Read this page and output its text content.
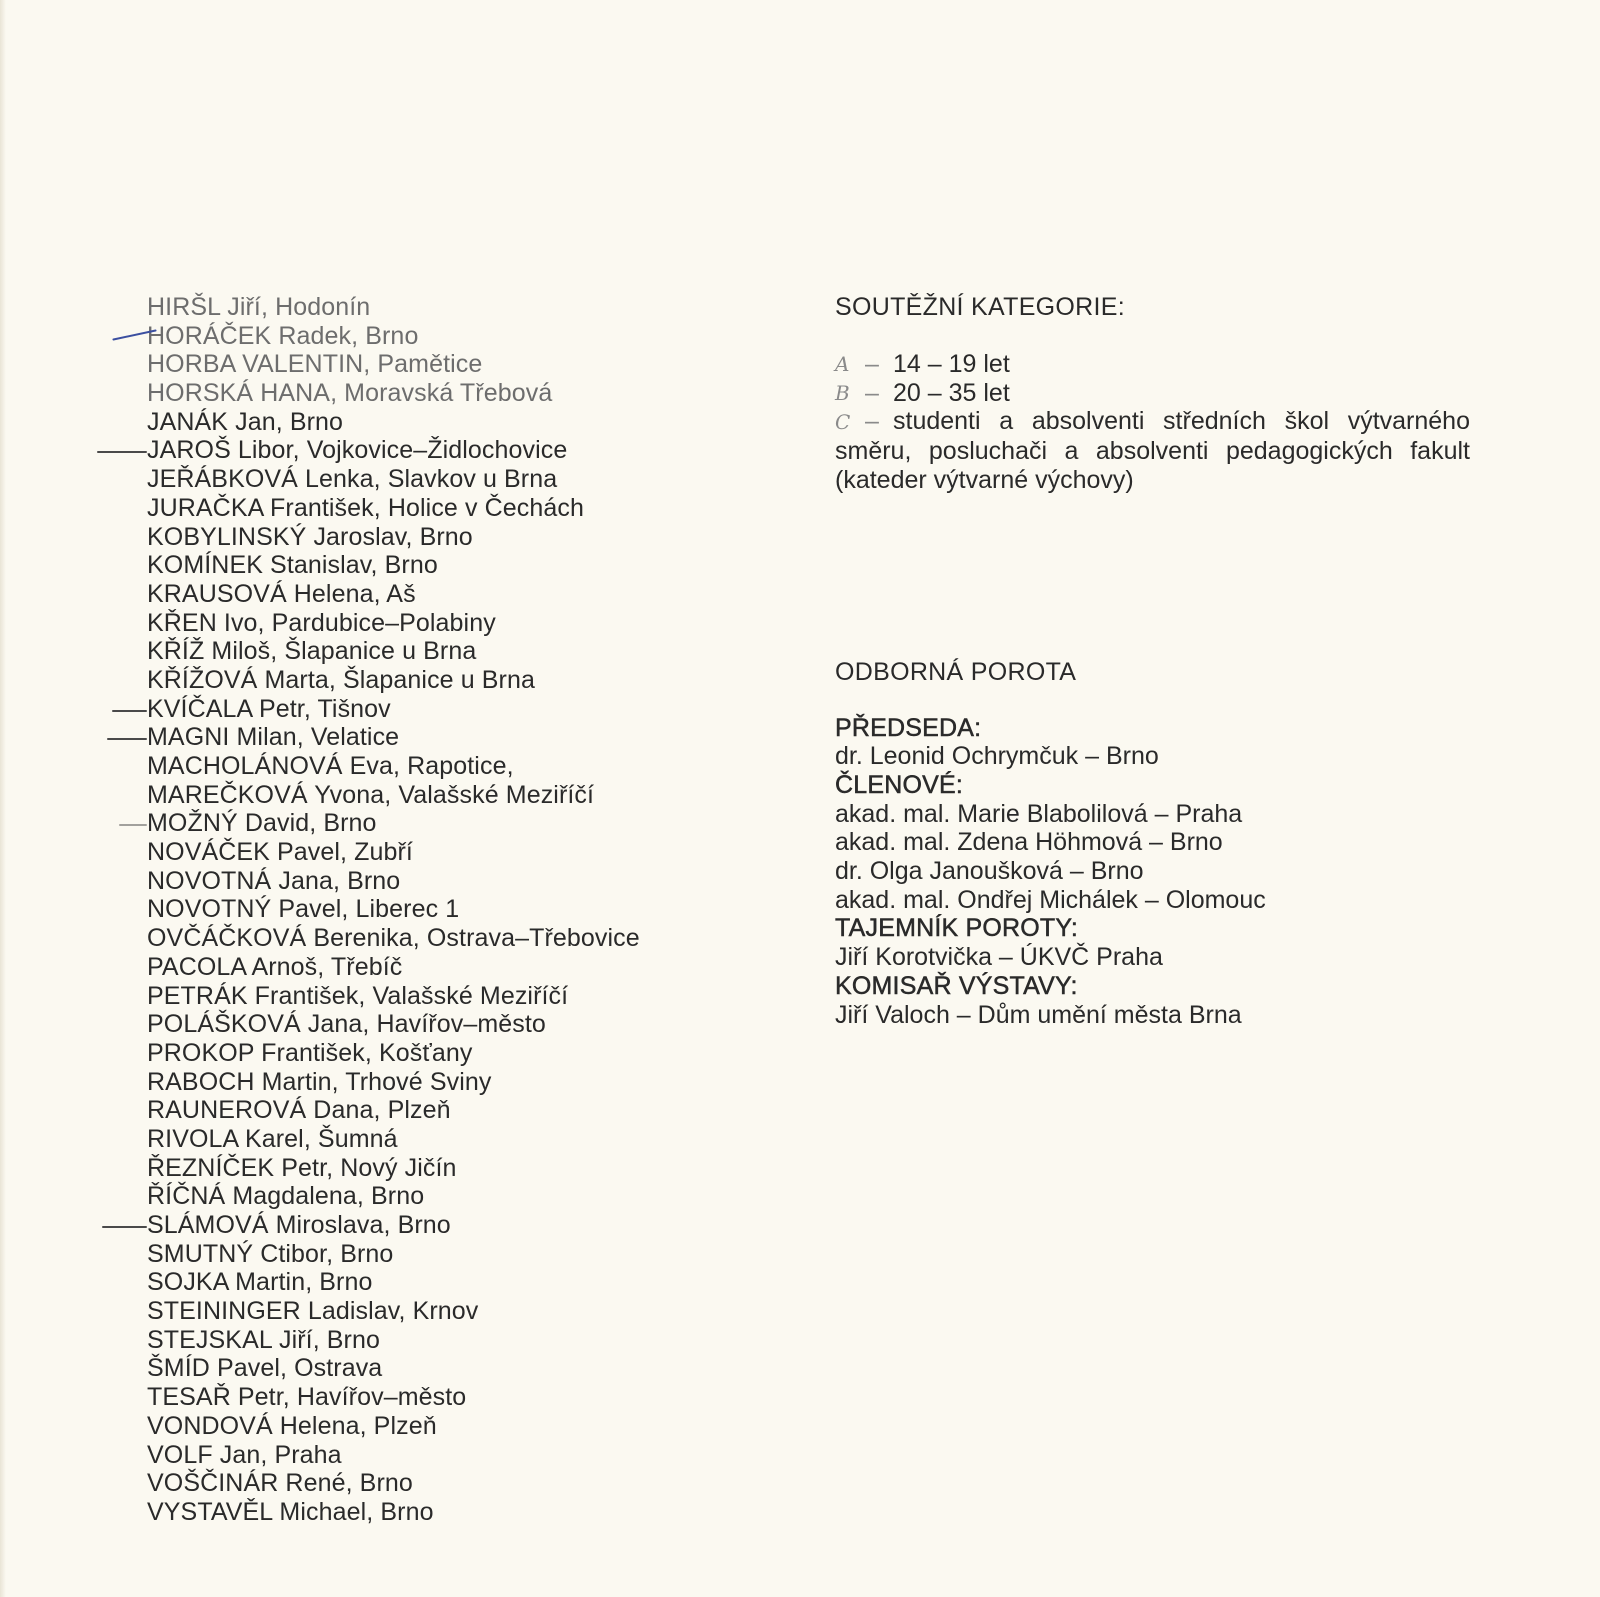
HIRŠL Jiří, Hodonín
HORÁČEK Radek, Brno
HORBA VALENTIN, Pamětice
HORSKÁ HANA, Moravská Třebová
JANÁK Jan, Brno
JAROŠ Libor, Vojkovice–Židlochovice
JEŘÁBKOVÁ Lenka, Slavkov u Brna
JURAČKA František, Holice v Čechách
KOBYLINSKÝ Jaroslav, Brno
KOMÍNEK Stanislav, Brno
KRAUSOVÁ Helena, Aš
KŘEN Ivo, Pardubice–Polabiny
KŘÍŽ Miloš, Šlapanice u Brna
KŘÍŽOVÁ Marta, Šlapanice u Brna
KVÍČALA Petr, Tišnov
MAGNI Milan, Velatice
MACHOLÁNOVÁ Eva, Rapotice,
MAREČKOVÁ Yvona, Valašské Meziříčí
MOŽNÝ David, Brno
NOVÁČEK Pavel, Zubří
NOVOTNÁ Jana, Brno
NOVOTNÝ Pavel, Liberec 1
OVČÁČKOVÁ Berenika, Ostrava–Třebovice
PACOLA Arnoš, Třebíč
PETRÁK František, Valašské Meziříčí
POLÁŠKOVÁ Jana, Havířov–město
PROKOP František, Košťany
RABOCH Martin, Trhové Sviny
RAUNEROVÁ Dana, Plzeň
RIVOLA Karel, Šumná
ŘEZNÍČEK Petr, Nový Jičín
ŘÍČNÁ Magdalena, Brno
SLÁMOVÁ Miroslava, Brno
SMUTNÝ Ctibor, Brno
SOJKA Martin, Brno
STEININGER Ladislav, Krnov
STEJSKAL Jiří, Brno
ŠMÍD Pavel, Ostrava
TESAŘ Petr, Havířov–město
VONDOVÁ Helena, Plzeň
VOLF Jan, Praha
VOŠČINÁR René, Brno
VYSTAVĚL Michael, Brno
SOUTĚŽNÍ KATEGORIE:
A – 14 – 19 let
B – 20 – 35 let
C – studenti a absolventi středních škol výtvarného směru, posluchači a absolventi pedagogických fakult (kateder výtvarné výchovy)
ODBORNÁ POROTA
PŘEDSEDA:
dr. Leonid Ochrymčuk – Brno
ČLENOVÉ:
akad. mal. Marie Blabolilová – Praha
akad. mal. Zdena Höhmová – Brno
dr. Olga Janoušková – Brno
akad. mal. Ondřej Michálek – Olomouc
TAJEMNÍK POROTY:
Jiří Korotvička – ÚKVČ Praha
KOMISAŘ VÝSTAVY:
Jiří Valoch – Dům umění města Brna
